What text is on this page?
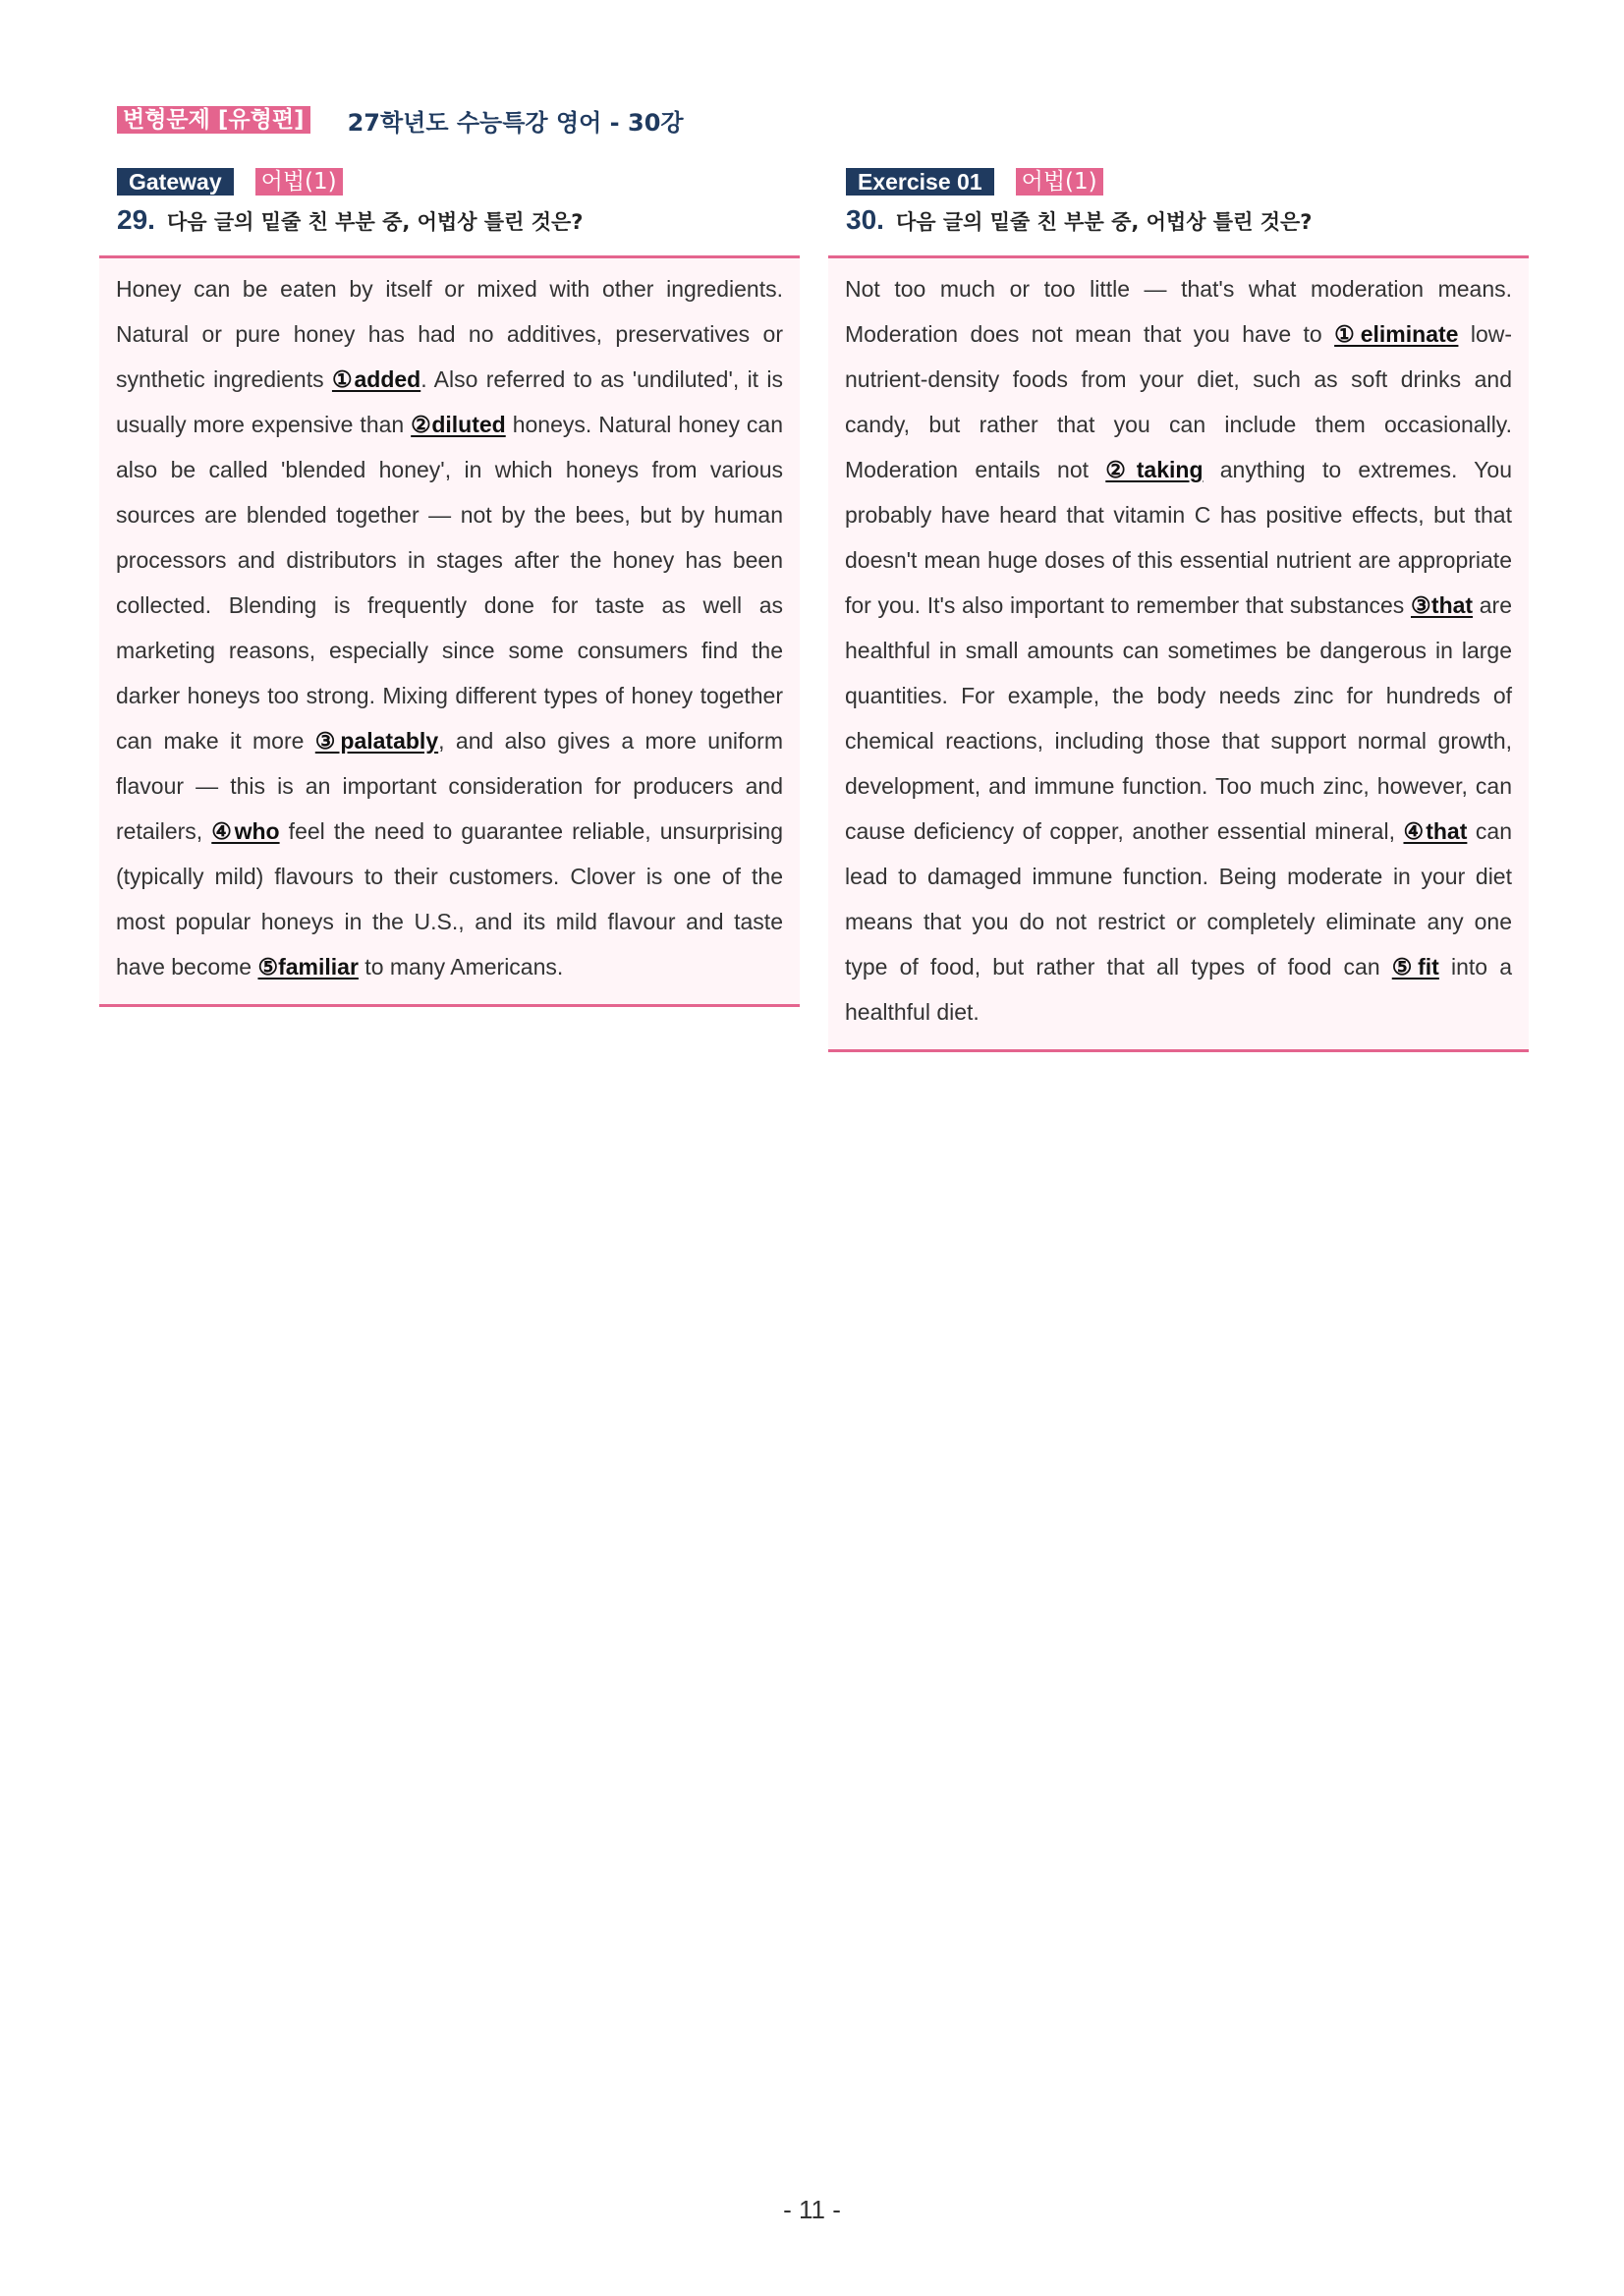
변형문제 [유형편] 27학년도 수능특강 영어 - 30강
Gateway	어법(1)
29. 다음 글의 밑줄 친 부분 중, 어법상 틀린 것은?
Honey can be eaten by itself or mixed with other ingredients. Natural or pure honey has had no additives, preservatives or synthetic ingredients ①added. Also referred to as 'undiluted', it is usually more expensive than ②diluted honeys. Natural honey can also be called 'blended honey', in which honeys from various sources are blended together — not by the bees, but by human processors and distributors in stages after the honey has been collected. Blending is frequently done for taste as well as marketing reasons, especially since some consumers find the darker honeys too strong. Mixing different types of honey together can make it more ③palatably, and also gives a more uniform flavour — this is an important consideration for producers and retailers, ④who feel the need to guarantee reliable, unsurprising (typically mild) flavours to their customers. Clover is one of the most popular honeys in the U.S., and its mild flavour and taste have become ⑤familiar to many Americans.
Exercise 01	어법(1)
30. 다음 글의 밑줄 친 부분 중, 어법상 틀린 것은?
Not too much or too little — that's what moderation means. Moderation does not mean that you have to ①eliminate low-nutrient-density foods from your diet, such as soft drinks and candy, but rather that you can include them occasionally. Moderation entails not ②taking anything to extremes. You probably have heard that vitamin C has positive effects, but that doesn't mean huge doses of this essential nutrient are appropriate for you. It's also important to remember that substances ③that are healthful in small amounts can sometimes be dangerous in large quantities. For example, the body needs zinc for hundreds of chemical reactions, including those that support normal growth, development, and immune function. Too much zinc, however, can cause deficiency of copper, another essential mineral, ④that can lead to damaged immune function. Being moderate in your diet means that you do not restrict or completely eliminate any one type of food, but rather that all types of food can ⑤fit into a healthful diet.
- 11 -
